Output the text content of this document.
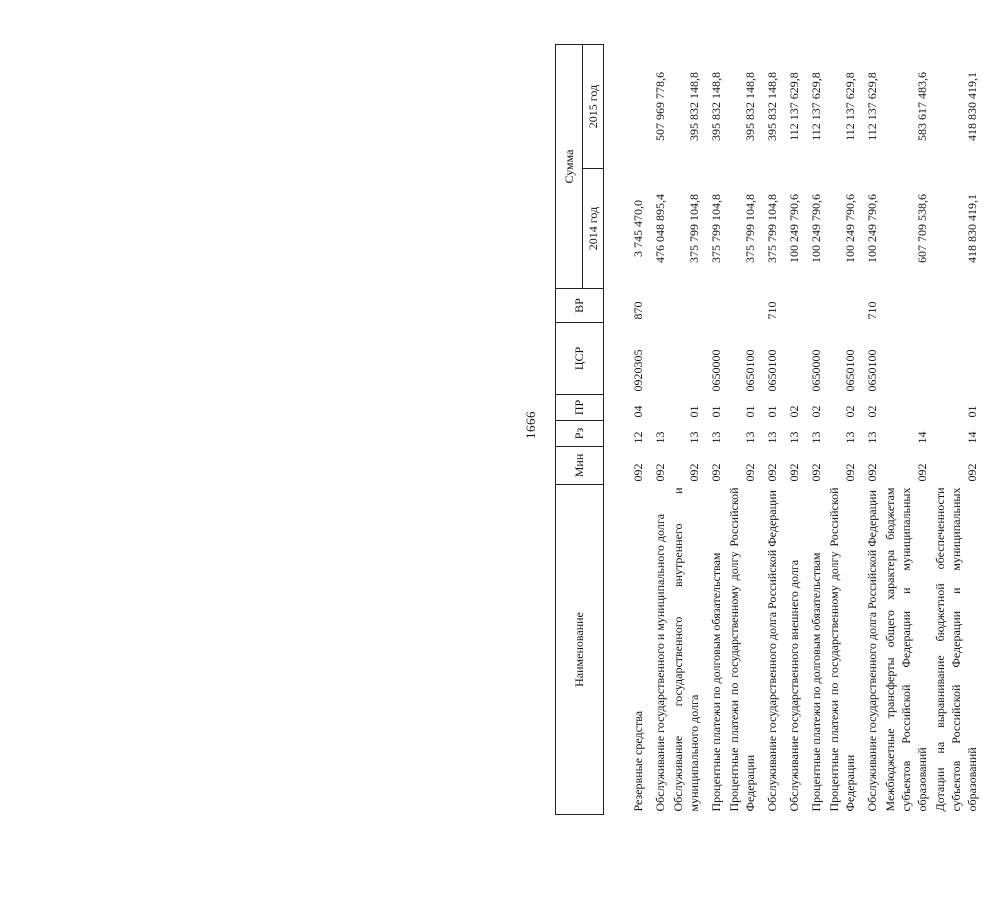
1666
Наименование	Мин	Рз	ПР	ЦСР	ВР	Сумма	
						2014 год	2015 год

Резервные средства	092	12	04	0920305	870	3 745 470,0	
Обслуживание государственного и муниципального долга	092	13				476 048 895,4	507 969 778,6
Обслуживание государственного внутреннего и муниципального долга	092	13	01			375 799 104,8	395 832 148,8
Процентные платежи по долговым обязательствам	092	13	01	0650000		375 799 104,8	395 832 148,8
Процентные платежи по государственному долгу Российской Федерации	092	13	01	0650100		375 799 104,8	395 832 148,8
Обслуживание государственного долга Российской Федерации	092	13	01	0650100	710	375 799 104,8	395 832 148,8
Обслуживание государственного внешнего долга	092	13	02			100 249 790,6	112 137 629,8
Процентные платежи по долговым обязательствам	092	13	02	0650000		100 249 790,6	112 137 629,8
Процентные платежи по государственному долгу Российской Федерации	092	13	02	0650100		100 249 790,6	112 137 629,8
Обслуживание государственного долга Российской Федерации	092	13	02	0650100	710	100 249 790,6	112 137 629,8
Межбюджетные трансферты общего характера бюджетам субъектов Российской Федерации и муниципальных образований	092	14				607 709 538,6	583 617 483,6
Дотации на выравнивание бюджетной обеспеченности субъектов Российской Федерации и муниципальных образований	092	14	01			418 830 419,1	418 830 419,1
